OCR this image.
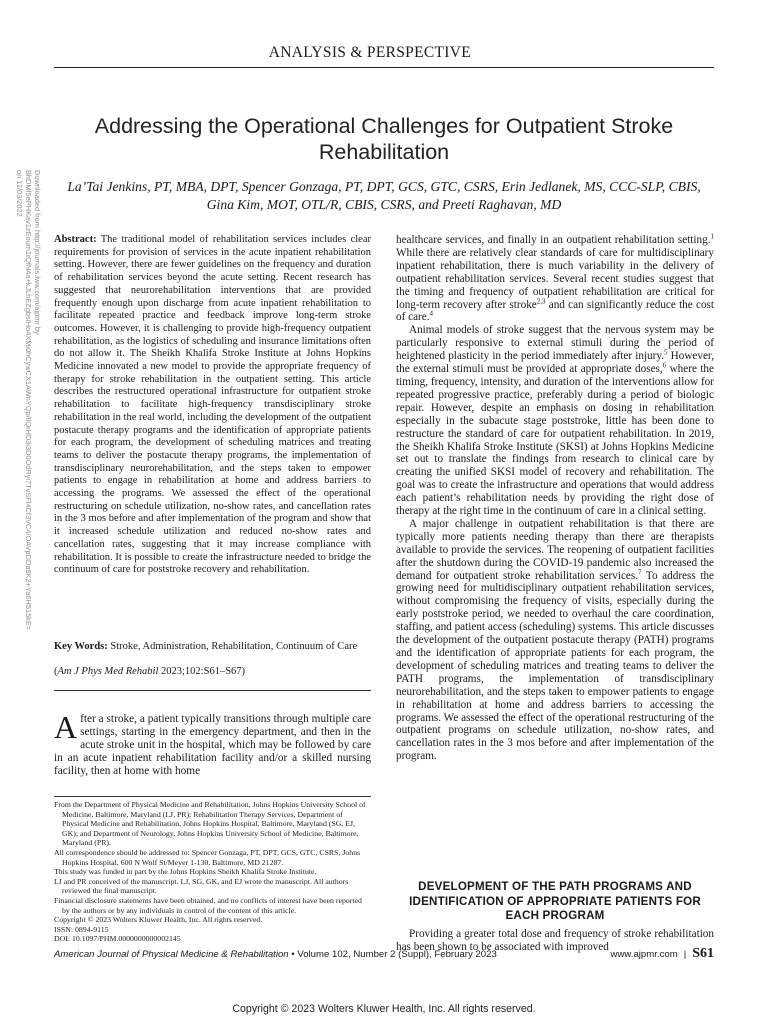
ANALYSIS & PERSPECTIVE
Addressing the Operational Challenges for Outpatient Stroke Rehabilitation
La’Tai Jenkins, PT, MBA, DPT, Spencer Gonzaga, PT, DPT, GCS, GTC, CSRS, Erin Jedlanek, MS, CCC-SLP, CBIS, Gina Kim, MOT, OTL/R, CBIS, CSRS, and Preeti Raghavan, MD
Downloaded from http://journals.lww.com/ajpmr by BhDMf5ePHKav1zEoum1tQfN4a+kJLhEZgbsIHo4XMi0hCywCX1AWnYQp/IlQrHD3i3D0OdRyi7TvSFl4Cf3VC4/OAVpDDa8K2+Ya6H515kE= on 11/03/2022
Abstract: The traditional model of rehabilitation services includes clear requirements for provision of services in the acute inpatient rehabilitation setting. However, there are fewer guidelines on the frequency and duration of rehabilitation services beyond the acute setting. Recent research has suggested that neurorehabilitation interventions that are provided frequently enough upon discharge from acute inpatient rehabilitation to facilitate repeated practice and feedback improve long-term stroke outcomes. However, it is challenging to provide high-frequency outpatient rehabilitation, as the logistics of scheduling and insurance limitations often do not allow it. The Sheikh Khalifa Stroke Institute at Johns Hopkins Medicine innovated a new model to provide the appropriate frequency of therapy for stroke rehabilitation in the outpatient setting. This article describes the restructured operational infrastructure for outpatient stroke rehabilitation to facilitate high-frequency transdisciplinary stroke rehabilitation in the real world, including the development of the outpatient postacute therapy programs and the identification of appropriate patients for each program, the development of scheduling matrices and treating teams to deliver the postacute therapy programs, the implementation of transdisciplinary neurorehabilitation, and the steps taken to empower patients to engage in rehabilitation at home and address barriers to accessing the programs. We assessed the effect of the operational restructuring on schedule utilization, no-show rates, and cancellation rates in the 3 mos before and after implementation of the program and show that it increased schedule utilization and reduced no-show rates and cancellation rates, suggesting that it may increase compliance with rehabilitation. It is possible to create the infrastructure needed to bridge the continuum of care for poststroke recovery and rehabilitation.
Key Words: Stroke, Administration, Rehabilitation, Continuum of Care
(Am J Phys Med Rehabil 2023;102:S61–S67)
After a stroke, a patient typically transitions through multiple care settings, starting in the emergency department, and then in the acute stroke unit in the hospital, which may be followed by care in an acute inpatient rehabilitation facility and/or a skilled nursing facility, then at home with home

From the Department of Physical Medicine and Rehabilitation, Johns Hopkins University School of Medicine, Baltimore, Maryland (LJ, PR); Rehabilitation Therapy Services, Department of Physical Medicine and Rehabilitation, Johns Hopkins Hospital, Baltimore, Maryland (SG, EJ, GK); and Department of Neurology, Johns Hopkins University School of Medicine, Baltimore, Maryland (PR).

All correspondence should be addressed to: Spencer Gonzaga, PT, DPT, GCS, GTC, CSRS, Johns Hopkins Hospital, 600 N Wolf St/Meyer 1-130, Baltimore, MD 21287.

This study was funded in part by the Johns Hopkins Sheikh Khalifa Stroke Institute.

LJ and PR conceived of the manuscript. LJ, SG, GK, and EJ wrote the manuscript. All authors reviewed the final manuscript.

Financial disclosure statements have been obtained, and no conflicts of interest have been reported by the authors or by any individuals in control of the content of this article.

Copyright © 2023 Wolters Kluwer Health, Inc. All rights reserved.

ISSN: 0894-9115

DOI: 10.1097/PHM.0000000000002145

healthcare services, and finally in an outpatient rehabilitation setting.$^1$ While there are relatively clear standards of care for multidisciplinary inpatient rehabilitation, there is much variability in the delivery of outpatient rehabilitation services. Several recent studies suggest that the timing and frequency of outpatient rehabilitation are critical for long-term recovery after stroke$^{2,3}$ and can significantly reduce the cost of care.$^4$

Animal models of stroke suggest that the nervous system may be particularly responsive to external stimuli during the period of heightened plasticity in the period immediately after injury.$^5$ However, the external stimuli must be provided at appropriate doses,$^6$ where the timing, frequency, intensity, and duration of the interventions allow for repeated progressive practice, preferably during a period of biologic repair. However, despite an emphasis on dosing in rehabilitation especially in the subacute stage poststroke, little has been done to restructure the standard of care for outpatient rehabilitation. In 2019, the Sheikh Khalifa Stroke Institute (SKSI) at Johns Hopkins Medicine set out to translate the findings from research to clinical care by creating the unified SKSI model of recovery and rehabilitation. The goal was to create the infrastructure and operations that would address each patient’s rehabilitation needs by providing the right dose of therapy at the right time in the continuum of care in a clinical setting.

A major challenge in outpatient rehabilitation is that there are typically more patients needing therapy than there are therapists available to provide the services. The reopening of outpatient facilities after the shutdown during the COVID-19 pandemic also increased the demand for outpatient stroke rehabilitation services.$^7$ To address the growing need for multidisciplinary outpatient rehabilitation services, without compromising the frequency of visits, especially during the early poststroke period, we needed to overhaul the care coordination, staffing, and patient access (scheduling) systems. This article discusses the development of the outpatient postacute therapy (PATH) programs and the identification of appropriate patients for each program, the development of scheduling matrices and treating teams to deliver the PATH programs, the implementation of transdisciplinary neurorehabilitation, and the steps taken to empower patients to engage in rehabilitation at home and address barriers to accessing the programs. We assessed the effect of the operational restructuring of the outpatient programs on schedule utilization, no-show rates, and cancellation rates in the 3 mos before and after implementation of the program.

DEVELOPMENT OF THE PATH PROGRAMS AND IDENTIFICATION OF APPROPRIATE PATIENTS FOR EACH PROGRAM

Providing a greater total dose and frequency of stroke rehabilitation has been shown to be associated with improved

American Journal of Physical Medicine & Rehabilitation • Volume 102, Number 2 (Suppl), February 2023	www.ajpmr.com | S61
Copyright © 2023 Wolters Kluwer Health, Inc. All rights reserved.
